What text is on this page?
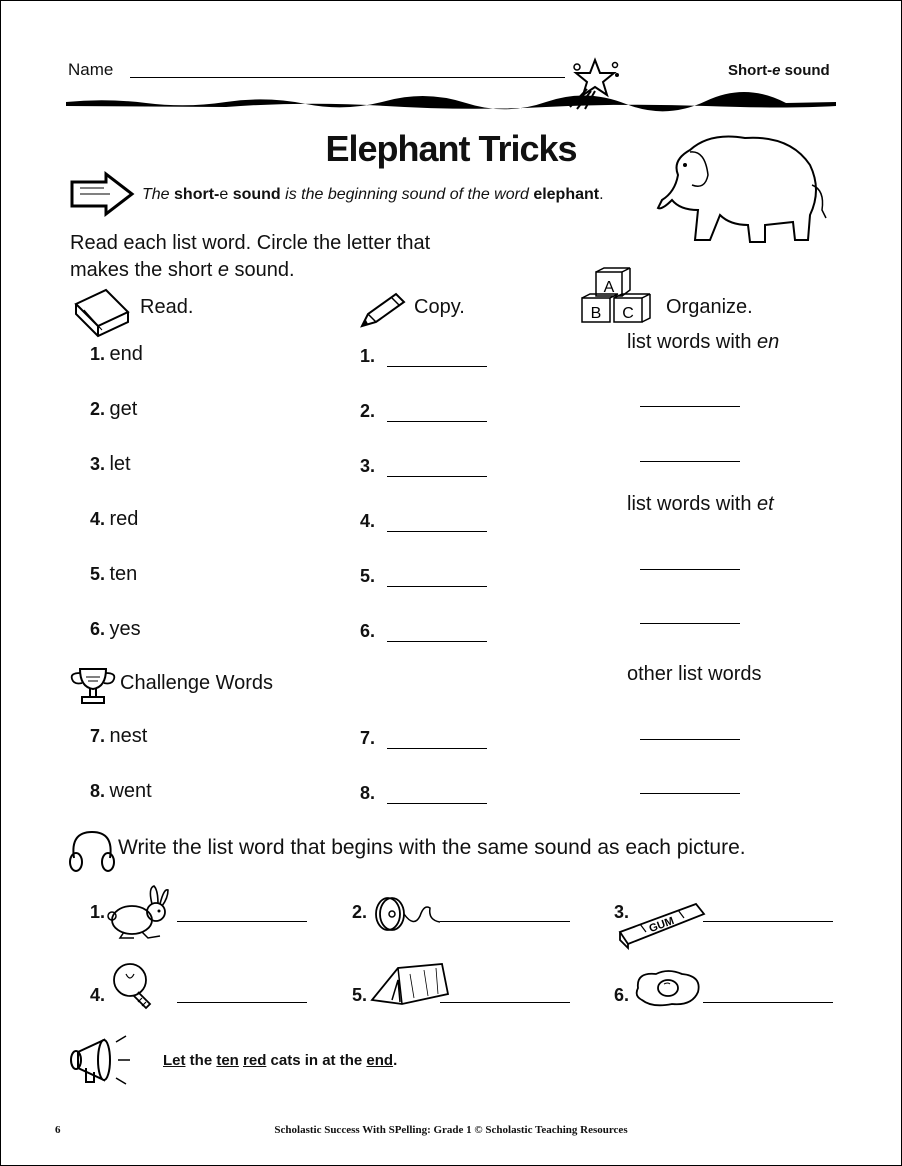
Name	Short-e sound
Elephant Tricks
The short-e sound is the beginning sound of the word elephant.
Read each list word. Circle the letter that
makes the short e sound.
Read.	Copy.
A
B C Organize.
1. end
2. get
3. let
4. red
5. ten
6. yes
1.
2.
3.
4.
5.
6.
list words with en
list words with et
other list words
Challenge Words
7. nest
8. went
7.
8.
Write the list word that begins with the same sound as each picture.
1.	2.	3.
GUM
4.	5.	6.
Let the ten red cats in at the end.
Scholastic Success With SPelling: Grade 1 © Scholastic Teaching Resources
6
